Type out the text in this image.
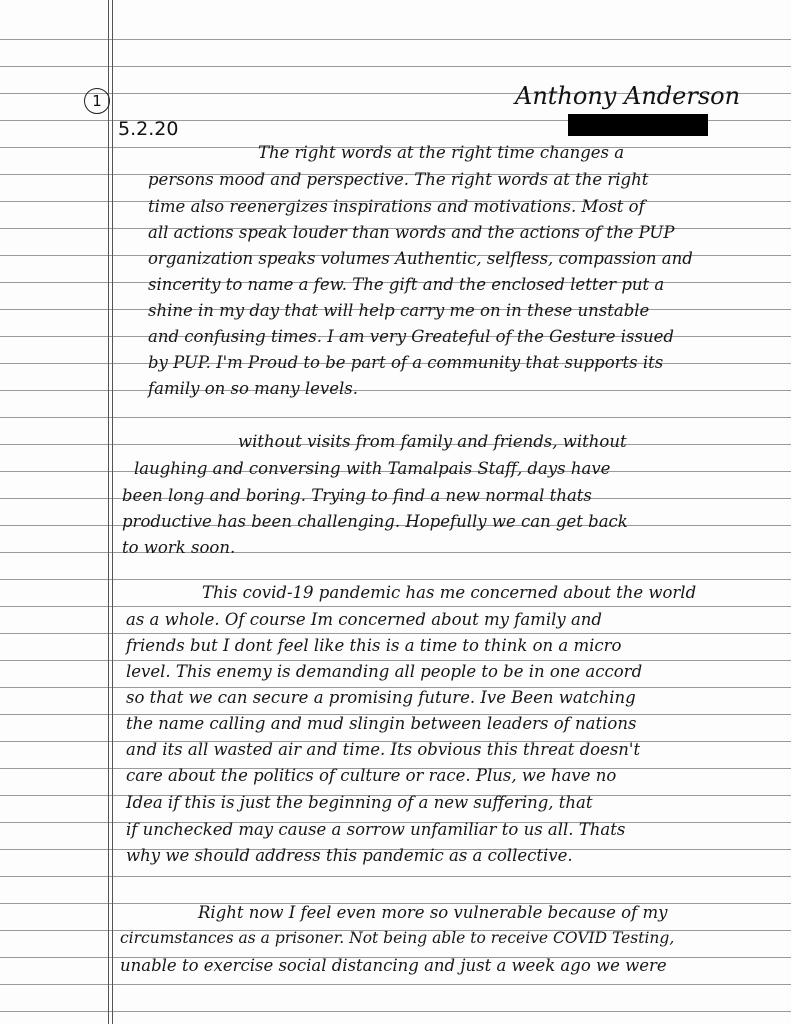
1	Anthony Anderson
5.2.20
The right words at the right time changes a
persons mood and perspective. The right words at the right
time also reenergizes inspirations and motivations. Most of
all actions speak louder than words and the actions of the PUP
organization speaks volumes Authentic, selfless, compassion and
sincerity to name a few. The gift and the enclosed letter put a
shine in my day that will help carry me on in these unstable
and confusing times. I am very Greateful of the Gesture issued
by PUP. I'm Proud to be part of a community that supports its
family on so many levels.
without visits from family and friends, without
laughing and conversing with Tamalpais Staff, days have
been long and boring. Trying to find a new normal thats
productive has been challenging. Hopefully we can get back
to work soon.
This covid-19 pandemic has me concerned about the world
as a whole. Of course Im concerned about my family and
friends but I dont feel like this is a time to think on a micro
level. This enemy is demanding all people to be in one accord
so that we can secure a promising future. Ive Been watching
the name calling and mud slingin between leaders of nations
and its all wasted air and time. Its obvious this threat doesn't
care about the politics of culture or race. Plus, we have no
Idea if this is just the beginning of a new suffering, that
if unchecked may cause a sorrow unfamiliar to us all. Thats
why we should address this pandemic as a collective.
Right now I feel even more so vulnerable because of my
circumstances as a prisoner. Not being able to receive COVID Testing,
unable to exercise social distancing and just a week ago we were
